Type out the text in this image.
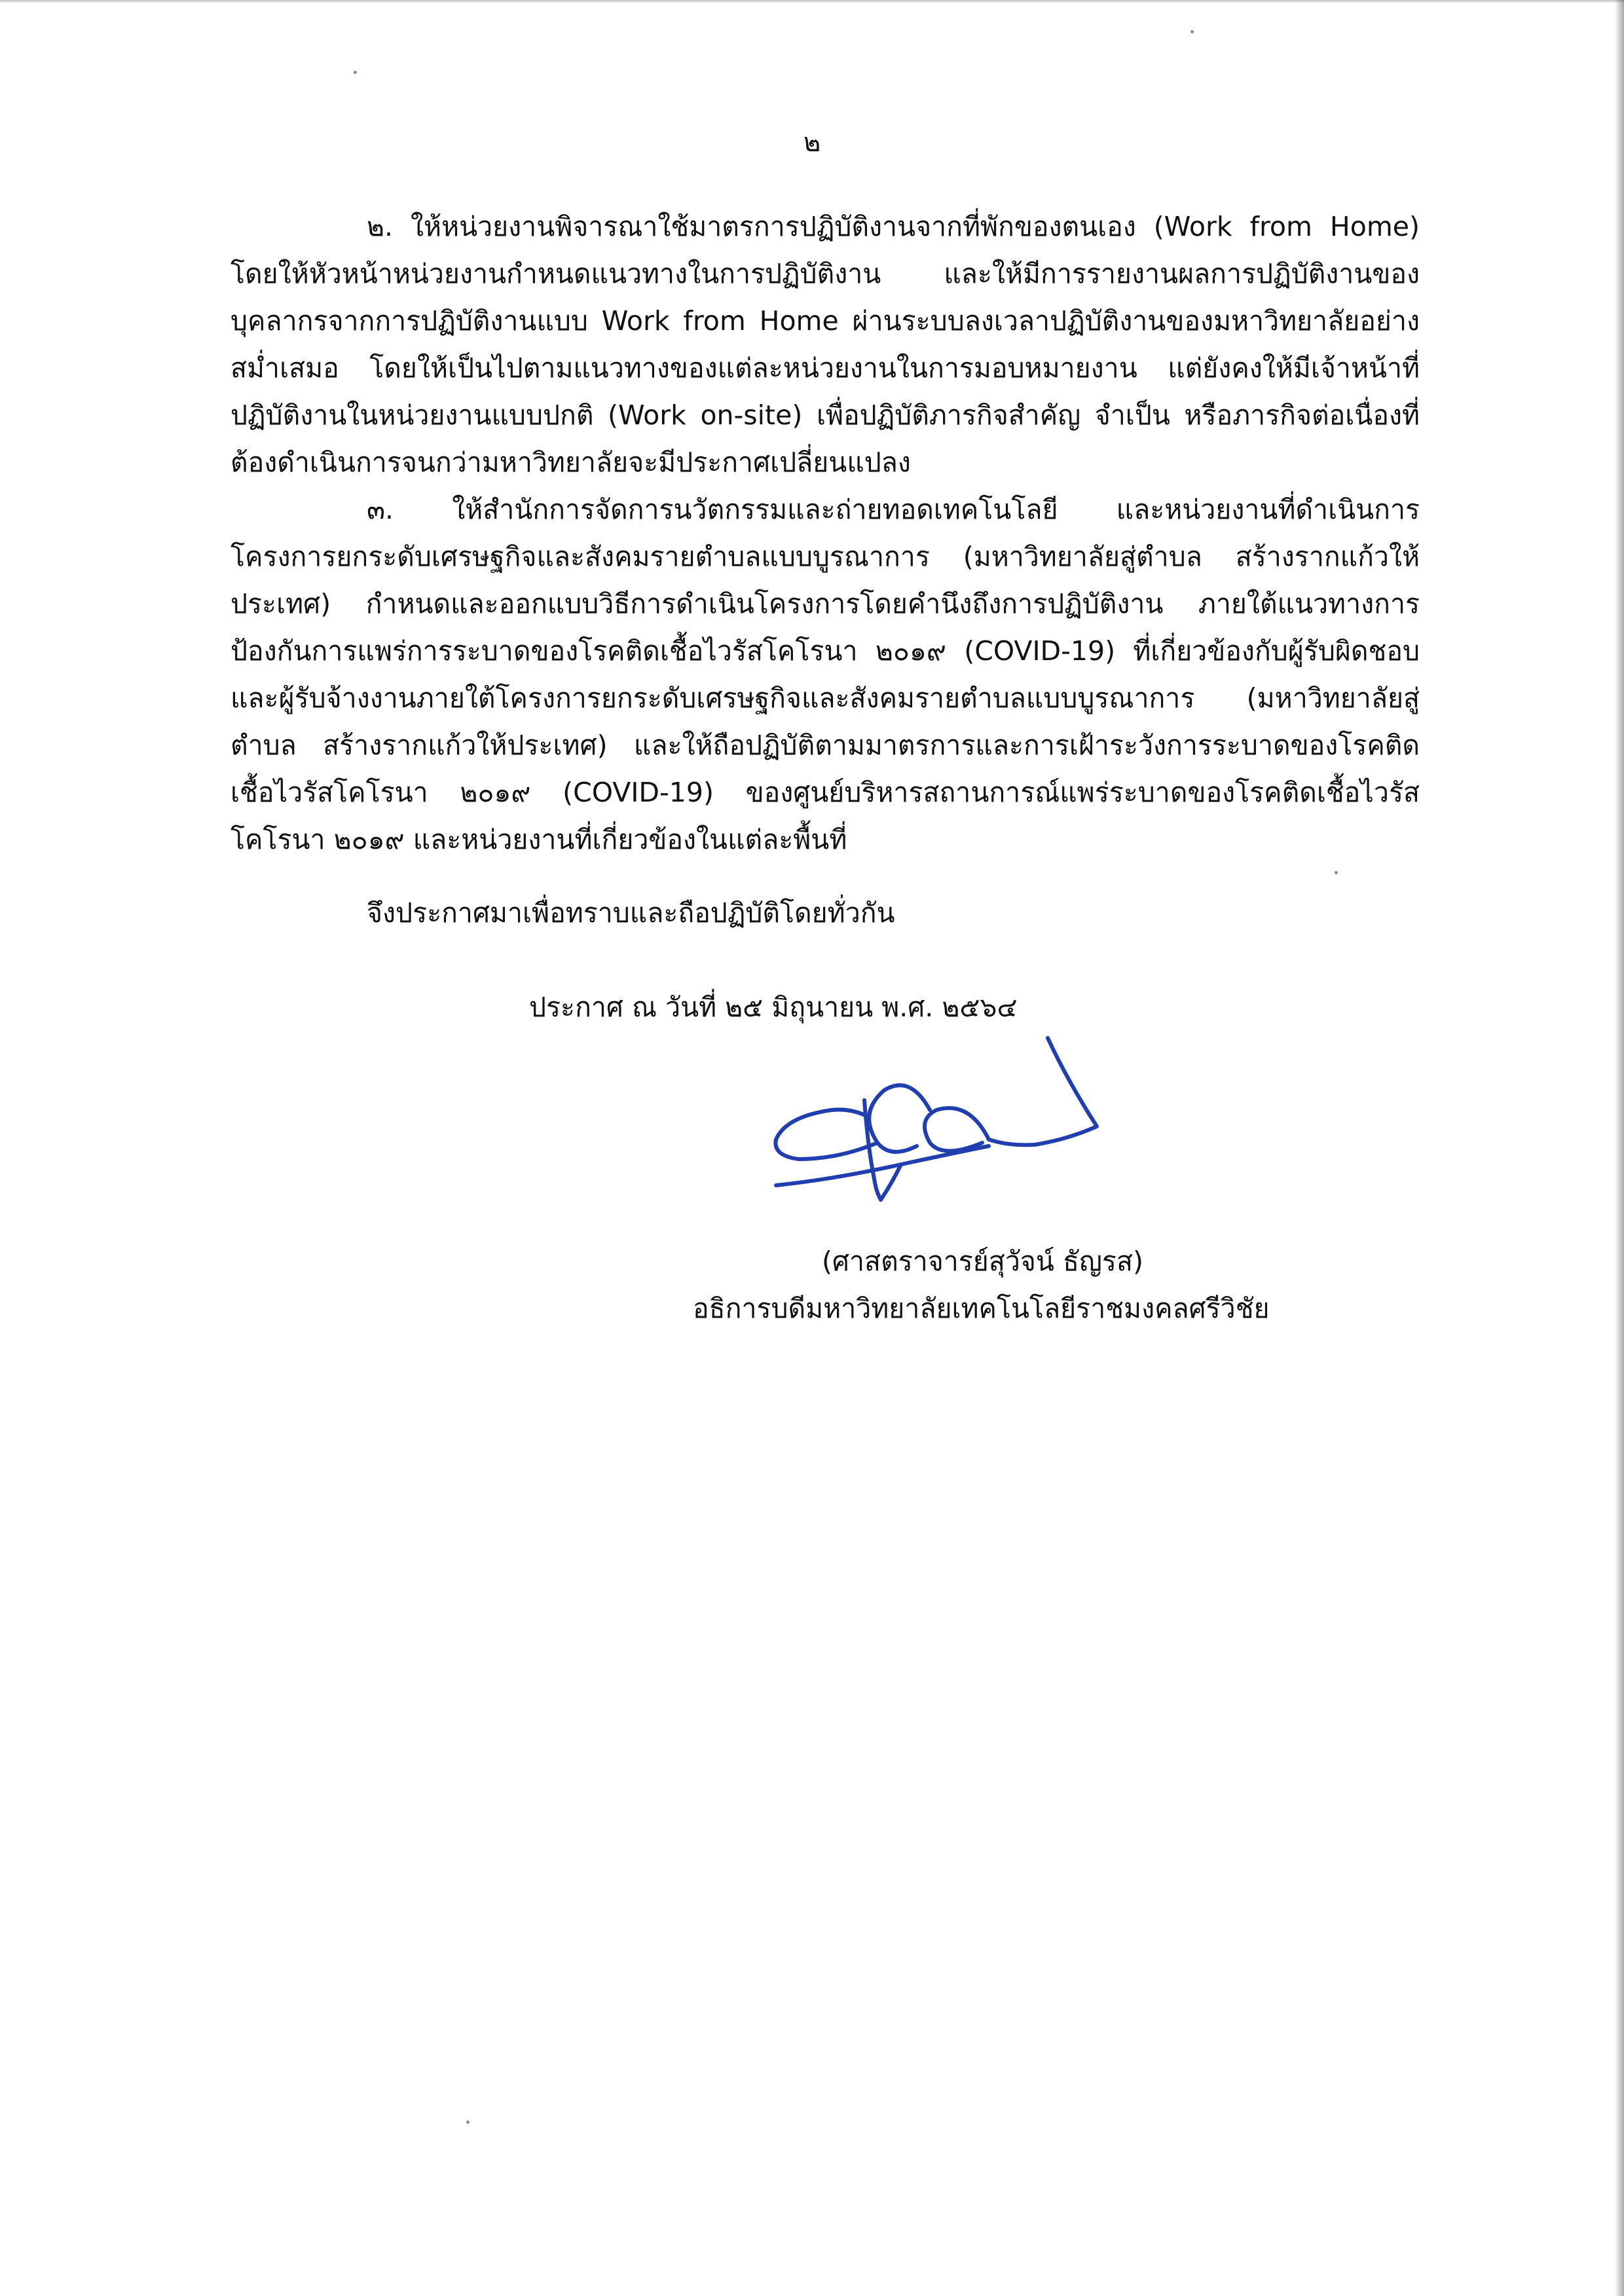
๒

๒. ให้หน่วยงานพิจารณาใช้มาตรการปฏิบัติงานจากที่พักของตนเอง (Work from Home) โดยให้หัวหน้าหน่วยงานกำหนดแนวทางในการปฏิบัติงาน และให้มีการรายงานผลการปฏิบัติงานของบุคลากรจากการปฏิบัติงานแบบ Work from Home ผ่านระบบลงเวลาปฏิบัติงานของมหาวิทยาลัยอย่างสม่ำเสมอ โดยให้เป็นไปตามแนวทางของแต่ละหน่วยงานในการมอบหมายงาน แต่ยังคงให้มีเจ้าหน้าที่ปฏิบัติงานในหน่วยงานแบบปกติ (Work on-site) เพื่อปฏิบัติภารกิจสำคัญ จำเป็น หรือภารกิจต่อเนื่องที่ต้องดำเนินการจนกว่ามหาวิทยาลัยจะมีประกาศเปลี่ยนแปลง

๓. ให้สำนักการจัดการนวัตกรรมและถ่ายทอดเทคโนโลยี และหน่วยงานที่ดำเนินการโครงการยกระดับเศรษฐกิจและสังคมรายตำบลแบบบูรณาการ (มหาวิทยาลัยสู่ตำบล สร้างรากแก้วให้ประเทศ) กำหนดและออกแบบวิธีการดำเนินโครงการโดยคำนึงถึงการปฏิบัติงาน ภายใต้แนวทางการป้องกันการแพร่การระบาดของโรคติดเชื้อไวรัสโคโรนา ๒๐๑๙ (COVID-19) ที่เกี่ยวข้องกับผู้รับผิดชอบและผู้รับจ้างงานภายใต้โครงการยกระดับเศรษฐกิจและสังคมรายตำบลแบบบูรณาการ (มหาวิทยาลัยสู่ตำบล สร้างรากแก้วให้ประเทศ) และให้ถือปฏิบัติตามมาตรการและการเฝ้าระวังการระบาดของโรคติดเชื้อไวรัสโคโรนา ๒๐๑๙ (COVID-19) ของศูนย์บริหารสถานการณ์แพร่ระบาดของโรคติดเชื้อไวรัสโคโรนา ๒๐๑๙ และหน่วยงานที่เกี่ยวข้องในแต่ละพื้นที่

จึงประกาศมาเพื่อทราบและถือปฏิบัติโดยทั่วกัน
ประกาศ ณ วันที่ ๒๕ มิถุนายน พ.ศ. ๒๕๖๔
(ศาสตราจารย์สุวัจน์ ธัญรส)
อธิการบดีมหาวิทยาลัยเทคโนโลยีราชมงคลศรีวิชัย
